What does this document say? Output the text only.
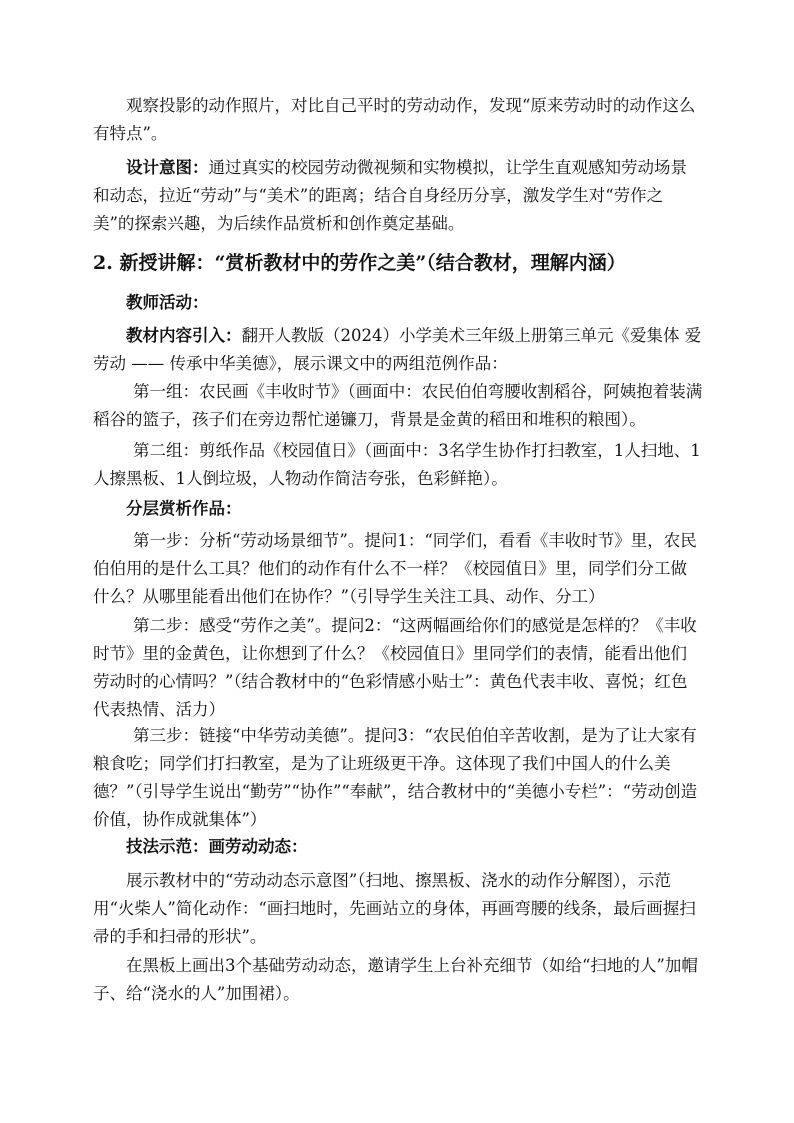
观察投影的动作照片，对比自己平时的劳动动作，发现“原来劳动时的动作这么有特点”。

设计意图：通过真实的校园劳动微视频和实物模拟，让学生直观感知劳动场景和动态，拉近“劳动”与“美术”的距离；结合自身经历分享，激发学生对“劳作之美”的探索兴趣，为后续作品赏析和创作奠定基础。

2. 新授讲解：“赏析教材中的劳作之美”（结合教材，理解内涵）

教师活动：

教材内容引入：翻开人教版（2024）小学美术三年级上册第三单元《爱集体 爱劳动 —— 传承中华美德》，展示课文中的两组范例作品：

第一组：农民画《丰收时节》（画面中：农民伯伯弯腰收割稻谷，阿姨抱着装满稻谷的篮子，孩子们在旁边帮忙递镰刀，背景是金黄的稻田和堆积的粮囤）。

第二组：剪纸作品《校园值日》（画面中：3名学生协作打扫教室，1人扫地、1人擦黑板、1人倒垃圾，人物动作简洁夸张，色彩鲜艳）。

分层赏析作品：

第一步：分析“劳动场景细节”。提问1：“同学们，看看《丰收时节》里，农民伯伯用的是什么工具？他们的动作有什么不一样？《校园值日》里，同学们分工做什么？从哪里能看出他们在协作？”（引导学生关注工具、动作、分工）

第二步：感受“劳作之美”。提问2：“这两幅画给你们的感觉是怎样的？《丰收时节》里的金黄色，让你想到了什么？《校园值日》里同学们的表情，能看出他们劳动时的心情吗？”（结合教材中的“色彩情感小贴士”：黄色代表丰收、喜悦；红色代表热情、活力）

第三步：链接“中华劳动美德”。提问3：“农民伯伯辛苦收割，是为了让大家有粮食吃；同学们打扫教室，是为了让班级更干净。这体现了我们中国人的什么美德？”（引导学生说出“勤劳”“协作”“奉献”，结合教材中的“美德小专栏”：“劳动创造价值，协作成就集体”）

技法示范：画劳动动态：

展示教材中的“劳动动态示意图”（扫地、擦黑板、浇水的动作分解图），示范用“火柴人”简化动作：“画扫地时，先画站立的身体，再画弯腰的线条，最后画握扫帚的手和扫帚的形状”。

在黑板上画出3个基础劳动动态，邀请学生上台补充细节（如给“扫地的人”加帽子、给“浇水的人”加围裙）。
